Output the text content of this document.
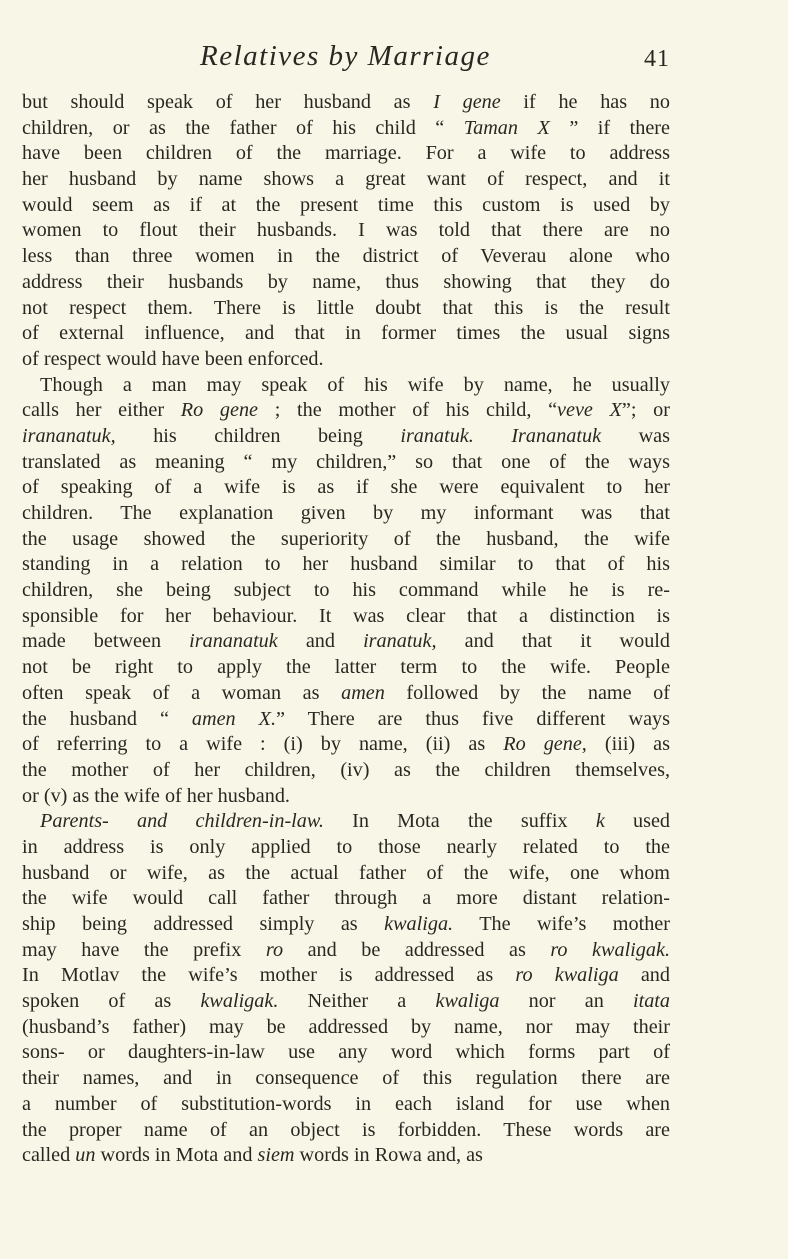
Relatives by Marriage	41
but should speak of her husband as I gene if he has no
children, or as the father of his child “ Taman X ” if there
have been children of the marriage. For a wife to address
her husband by name shows a great want of respect, and it
would seem as if at the present time this custom is used by
women to flout their husbands. I was told that there are no
less than three women in the district of Veverau alone who
address their husbands by name, thus showing that they do
not respect them. There is little doubt that this is the result
of external influence, and that in former times the usual signs
of respect would have been enforced.
Though a man may speak of his wife by name, he usually
calls her either Ro gene ; the mother of his child, “veve X”; or
irananatuk, his children being iranatuk. Irananatuk was
translated as meaning “ my children,” so that one of the ways
of speaking of a wife is as if she were equivalent to her
children. The explanation given by my informant was that
the usage showed the superiority of the husband, the wife
standing in a relation to her husband similar to that of his
children, she being subject to his command while he is re-
sponsible for her behaviour. It was clear that a distinction is
made between irananatuk and iranatuk, and that it would
not be right to apply the latter term to the wife. People
often speak of a woman as amen followed by the name of
the husband “ amen X.” There are thus five different ways
of referring to a wife : (i) by name, (ii) as Ro gene, (iii) as
the mother of her children, (iv) as the children themselves,
or (v) as the wife of her husband.
Parents- and children-in-law. In Mota the suffix k used
in address is only applied to those nearly related to the
husband or wife, as the actual father of the wife, one whom
the wife would call father through a more distant relation-
ship being addressed simply as kwaliga. The wife’s mother
may have the prefix ro and be addressed as ro kwaligak.
In Motlav the wife’s mother is addressed as ro kwaliga and
spoken of as kwaligak. Neither a kwaliga nor an itata
(husband’s father) may be addressed by name, nor may their
sons- or daughters-in-law use any word which forms part of
their names, and in consequence of this regulation there are
a number of substitution-words in each island for use when
the proper name of an object is forbidden. These words are
called un words in Mota and siem words in Rowa and, as
